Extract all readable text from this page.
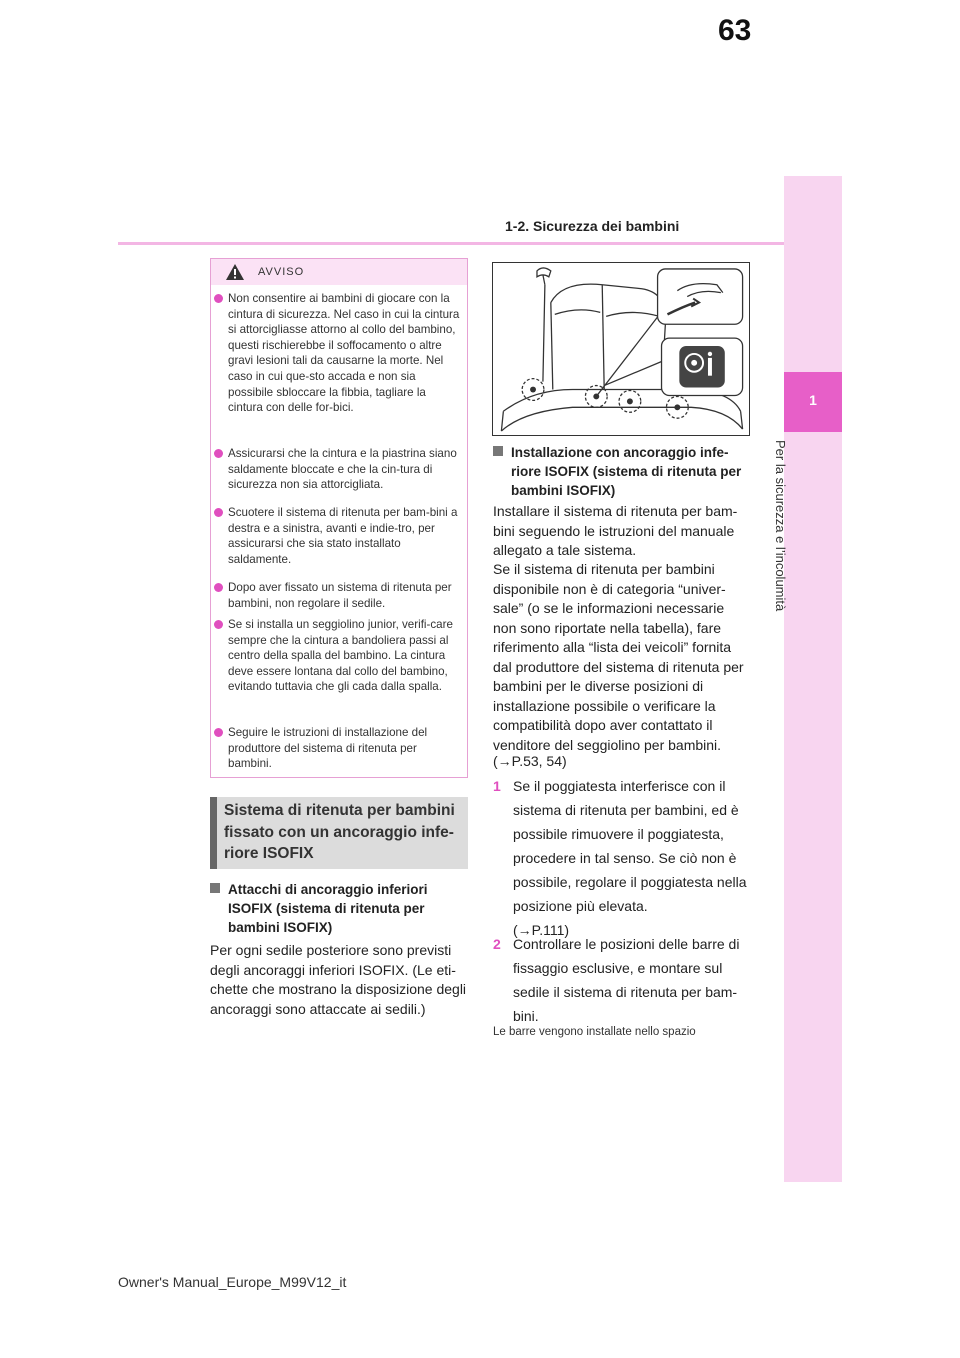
63
1-2. Sicurezza dei bambini
1
Per la sicurezza e l’incolumità
AVVISO
Non consentire ai bambini di giocare con la cintura di sicurezza. Nel caso in cui la cintura si attorcigliasse attorno al collo del bambino, questi rischierebbe il soffocamento o altre gravi lesioni tali da causarne la morte. Nel caso in cui que-sto accada e non sia possibile sbloccare la fibbia, tagliare la cintura con delle for-bici.
Assicurarsi che la cintura e la piastrina siano saldamente bloccate e che la cin-tura di sicurezza non sia attorcigliata.
Scuotere il sistema di ritenuta per bam-bini a destra e a sinistra, avanti e indie-tro, per assicurarsi che sia stato installato saldamente.
Dopo aver fissato un sistema di ritenuta per bambini, non regolare il sedile.
Se si installa un seggiolino junior, verifi-care sempre che la cintura a bandoliera passi al centro della spalla del bambino. La cintura deve essere lontana dal collo del bambino, evitando tuttavia che gli cada dalla spalla.
Seguire le istruzioni di installazione del produttore del sistema di ritenuta per bambini.
Sistema di ritenuta per bambini fissato con un ancoraggio infe-riore ISOFIX
Attacchi di ancoraggio inferiori ISOFIX (sistema di ritenuta per bambini ISOFIX)
Per ogni sedile posteriore sono previsti degli ancoraggi inferiori ISOFIX. (Le eti-chette che mostrano la disposizione degli ancoraggi sono attaccate ai sedili.)
Installazione con ancoraggio infe-riore ISOFIX (sistema di ritenuta per bambini ISOFIX)
Installare il sistema di ritenuta per bam-bini seguendo le istruzioni del manuale allegato a tale sistema.
Se il sistema di ritenuta per bambini disponibile non è di categoria “univer-sale” (o se le informazioni necessarie non sono riportate nella tabella), fare riferimento alla “lista dei veicoli” fornita dal produttore del sistema di ritenuta per bambini per le diverse posizioni di installazione possibile o verificare la compatibilità dopo aver contattato il venditore del seggiolino per bambini.
(→P.53, 54)
1 Se il poggiatesta interferisce con il sistema di ritenuta per bambini, ed è possibile rimuovere il poggiatesta, procedere in tal senso. Se ciò non è possibile, regolare il poggiatesta nella posizione più elevata.
(→P.111)
2 Controllare le posizioni delle barre di fissaggio esclusive, e montare sul sedile il sistema di ritenuta per bam-bini.
Le barre vengono installate nello spazio
Owner's Manual_Europe_M99V12_it
